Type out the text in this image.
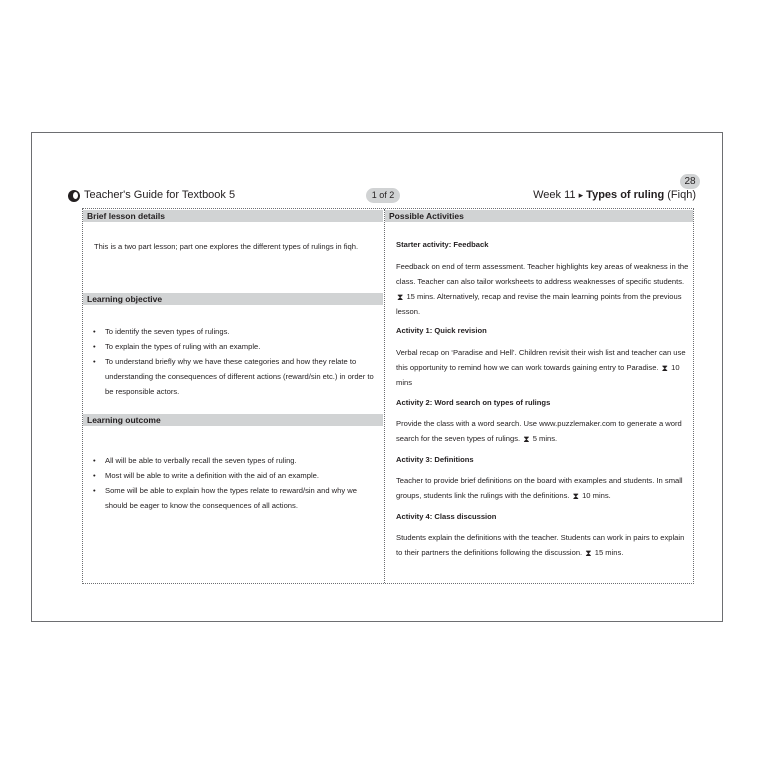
28
Teacher's Guide for Textbook 5	1 of 2	Week 11 ▸ Types of ruling (Fiqh)
Brief lesson details
This is a two part lesson; part one explores the different types of rulings in fiqh.
Learning objective
• To identify the seven types of rulings.
• To explain the types of ruling with an example.
• To understand briefly why we have these categories and how they relate to understanding the consequences of different actions (reward/sin etc.) in order to be responsible actors.
Learning outcome
• All will be able to verbally recall the seven types of ruling.
• Most will be able to write a definition with the aid of an example.
• Some will be able to explain how the types relate to reward/sin and why we should be eager to know the consequences of all actions.
Possible Activities
Starter activity: Feedback
Feedback on end of term assessment. Teacher highlights key areas of weakness in the class. Teacher can also tailor worksheets to address weaknesses of specific students. ⧗ 15 mins. Alternatively, recap and revise the main learning points from the previous lesson.
Activity 1: Quick revision
Verbal recap on ‘Paradise and Hell’. Children revisit their wish list and teacher can use this opportunity to remind how we can work towards gaining entry to Paradise. ⧗ 10 mins
Activity 2: Word search on types of rulings
Provide the class with a word search. Use www.puzzlemaker.com to generate a word search for the seven types of rulings. ⧗ 5 mins.
Activity 3: Definitions
Teacher to provide brief definitions on the board with examples and students. In small groups, students link the rulings with the definitions. ⧗ 10 mins.
Activity 4: Class discussion
Students explain the definitions with the teacher. Students can work in pairs to explain to their partners the definitions following the discussion. ⧗ 15 mins.
